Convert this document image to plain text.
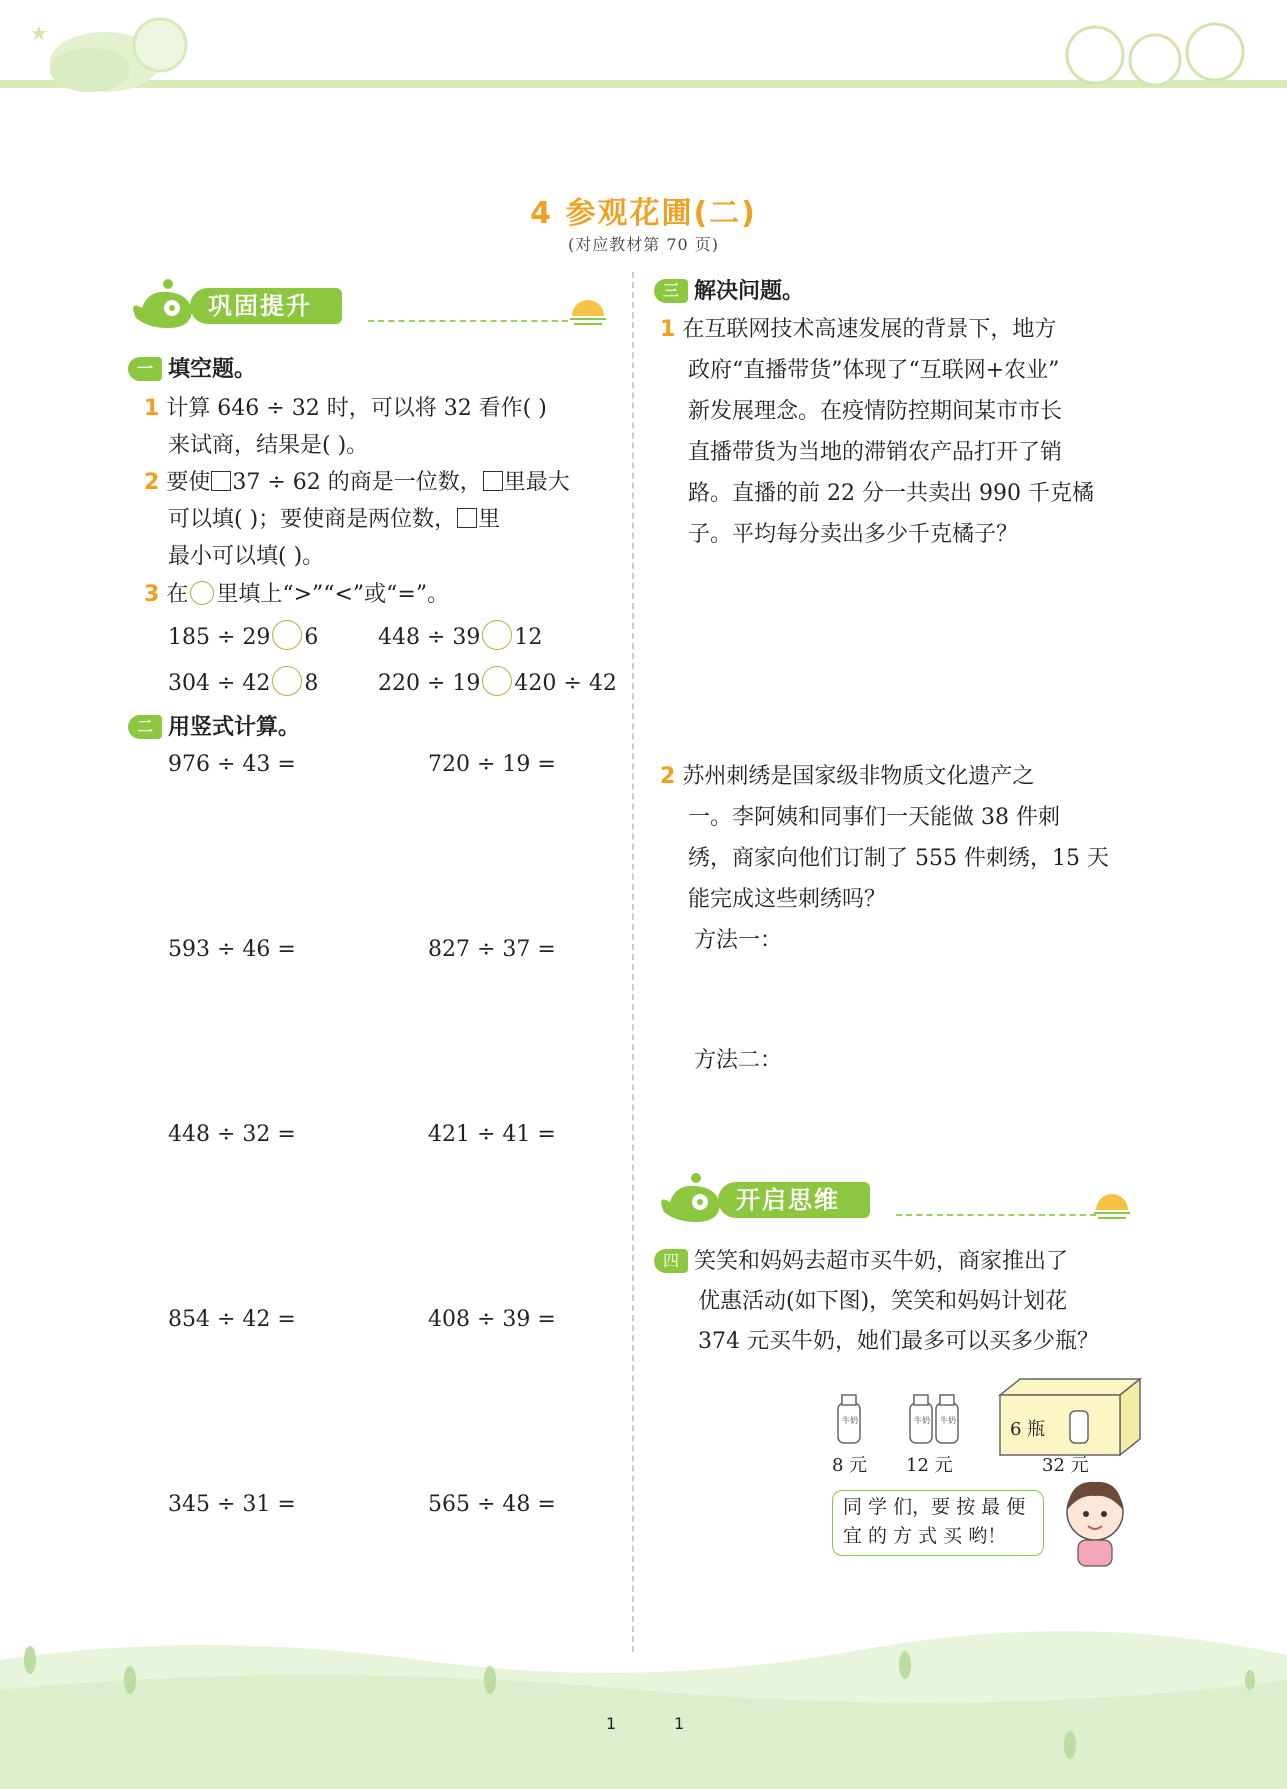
★
4 参观花圃(二)
(对应教材第 70 页)
巩固提升
一 填空题。
1 计算 646 ÷ 32 时，可以将 32 看作( )
来试商，结果是( )。
2 要使 37 ÷ 62 的商是一位数， 里最大
可以填( )；要使商是两位数， 里
最小可以填( )。
3 在 里填上“>”“<”或“=”。
185 ÷ 29 6	448 ÷ 39 12
304 ÷ 42 8	220 ÷ 19 420 ÷ 42
二 用竖式计算。
976 ÷ 43 =	720 ÷ 19 =
593 ÷ 46 =	827 ÷ 37 =
448 ÷ 32 =	421 ÷ 41 =
854 ÷ 42 =	408 ÷ 39 =
345 ÷ 31 =	565 ÷ 48 =
三 解决问题。
1 在互联网技术高速发展的背景下，地方
政府“直播带货”体现了“互联网+农业”
新发展理念。在疫情防控期间某市市长
直播带货为当地的滞销农产品打开了销
路。直播的前 22 分一共卖出 990 千克橘
子。平均每分卖出多少千克橘子？
2 苏州刺绣是国家级非物质文化遗产之
一。李阿姨和同事们一天能做 38 件刺
绣，商家向他们订制了 555 件刺绣，15 天
能完成这些刺绣吗？
方法一：
方法二：
开启思维
四 笑笑和妈妈去超市买牛奶，商家推出了
优惠活动(如下图)，笑笑和妈妈计划花
374 元买牛奶，她们最多可以买多少瓶？
牛奶	牛奶 牛奶	6 瓶
8 元 12 元	32 元
同 学 们，要 按 最 便
宜 的 方 式 买 哟！
1	1
